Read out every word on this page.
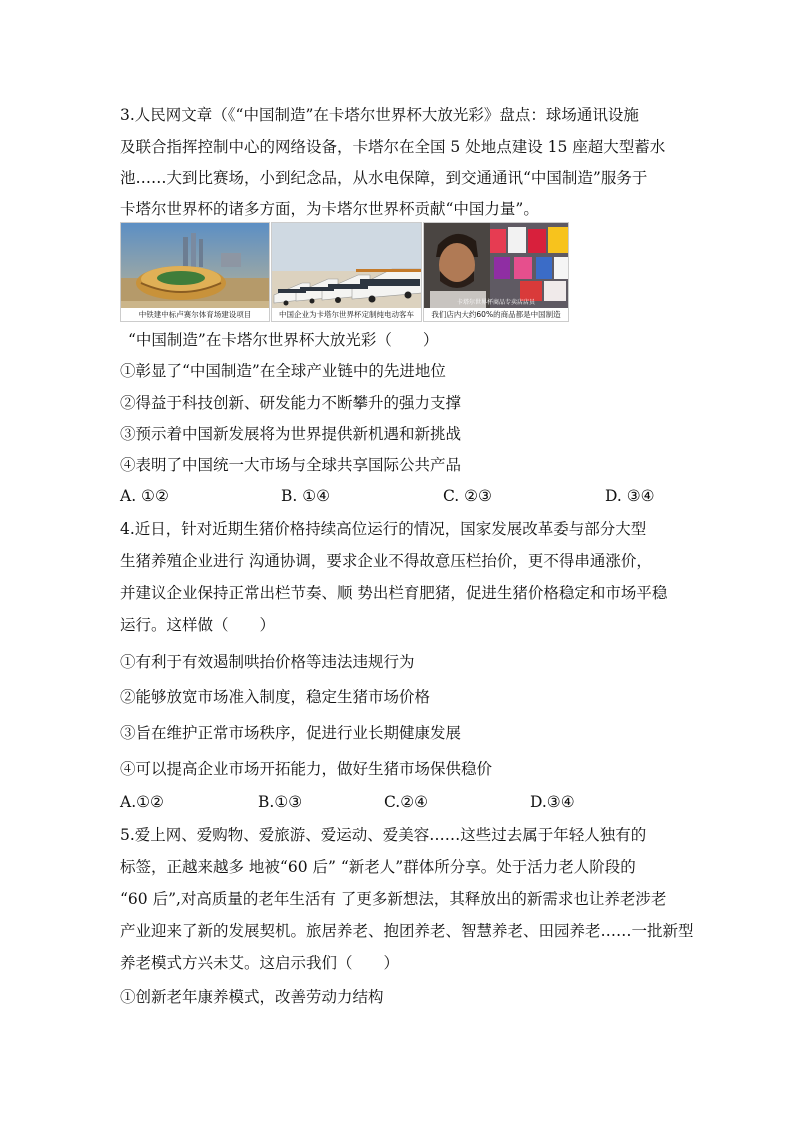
3.人民网文章（《“中国制造”在卡塔尔世界杯大放光彩》盘点：球场通讯设施
及联合指挥控制中心的网络设备，卡塔尔在全国 5 处地点建设 15 座超大型蓄水
池……大到比赛场，小到纪念品，从水电保障，到交通通讯“中国制造”服务于
卡塔尔世界杯的诸多方面，为卡塔尔世界杯贡献“中国力量”。
中铁建中标卢赛尔体育场建设项目	中国企业为卡塔尔世界杯定制纯电动客车
卡塔尔世界杯商品专卖店店员
我们店内大约60%的商品都是中国制造
“中国制造”在卡塔尔世界杯大放光彩（　　）
①彰显了“中国制造”在全球产业链中的先进地位
②得益于科技创新、研发能力不断攀升的强力支撑
③预示着中国新发展将为世界提供新机遇和新挑战
④表明了中国统一大市场与全球共享国际公共产品
A. ①②	B. ①④	C. ②③	D. ③④
4.近日，针对近期生猪价格持续高位运行的情况，国家发展改革委与部分大型
生猪养殖企业进行 沟通协调，要求企业不得故意压栏抬价，更不得串通涨价，
并建议企业保持正常出栏节奏、顺 势出栏育肥猪，促进生猪价格稳定和市场平稳
运行。这样做（　　）
①有利于有效遏制哄抬价格等违法违规行为
②能够放宽市场准入制度，稳定生猪市场价格
③旨在维护正常市场秩序，促进行业长期健康发展
④可以提高企业市场开拓能力，做好生猪市场保供稳价
A.①②	B.①③	C.②④	D.③④
5.爱上网、爱购物、爱旅游、爱运动、爱美容……这些过去属于年轻人独有的
标签，正越来越多 地被“60 后” “新老人”群体所分享。处于活力老人阶段的
“60 后”,对高质量的老年生活有 了更多新想法，其释放出的新需求也让养老涉老
产业迎来了新的发展契机。旅居养老、抱团养老、智慧养老、田园养老……一批新型
养老模式方兴未艾。这启示我们（　　）
①创新老年康养模式，改善劳动力结构
